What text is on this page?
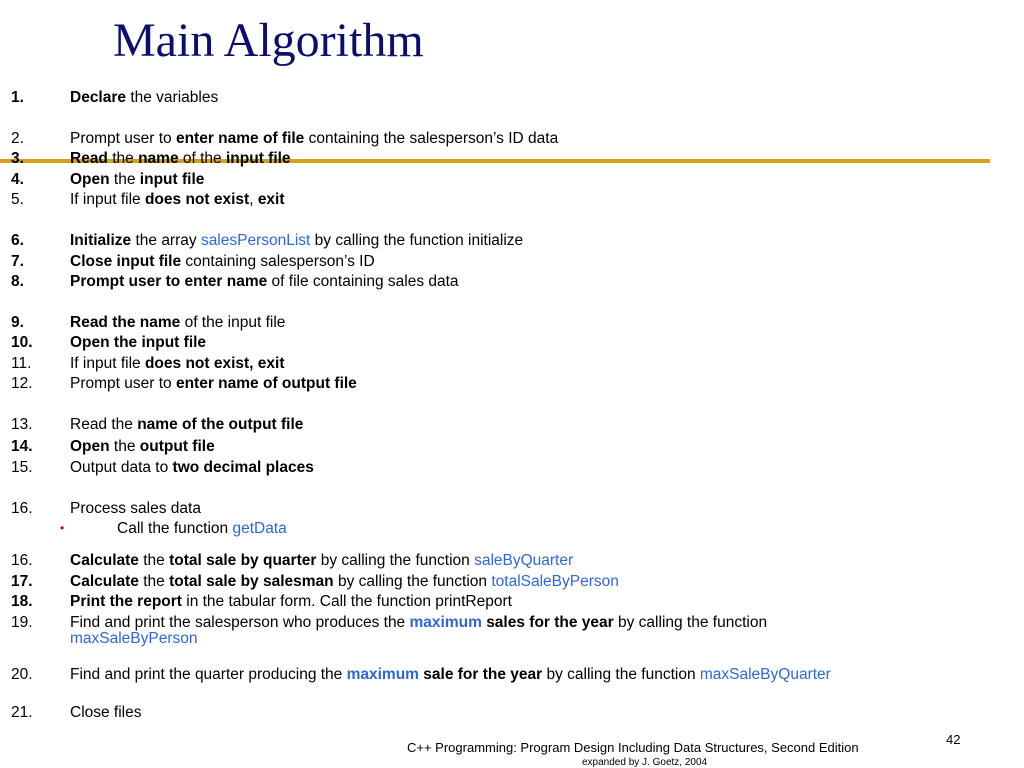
Main Algorithm
1.	Declare the variables
2.	Prompt user to enter name of file containing the salesperson’s ID data
3.	Read the name of the input file
4.	Open the input file
5.	If input file does not exist, exit
6.	Initialize the array salesPersonList by calling the function initialize
7.	Close input file containing salesperson’s ID
8.	Prompt user to enter name of file containing sales data
9.	Read the name of the input file
10. Open the input file
11. If input file does not exist, exit
12. Prompt user to enter name of output file
13. Read the name of the output file
14. Open the output file
15. Output data to two decimal places
16. Process sales data
•	Call the function getData
16. Calculate the total sale by quarter by calling the function saleByQuarter
17. Calculate the total sale by salesman by calling the function totalSaleByPerson
18. Print the report in the tabular form. Call the function printReport
19. Find and print the salesperson who produces the maximum sales for the year by calling the function
maxSaleByPerson
20. Find and print the quarter producing the maximum sale for the year by calling the function maxSaleByQuarter
21. Close files
42
C++ Programming: Program Design Including Data Structures, Second Edition
expanded by J. Goetz, 2004
